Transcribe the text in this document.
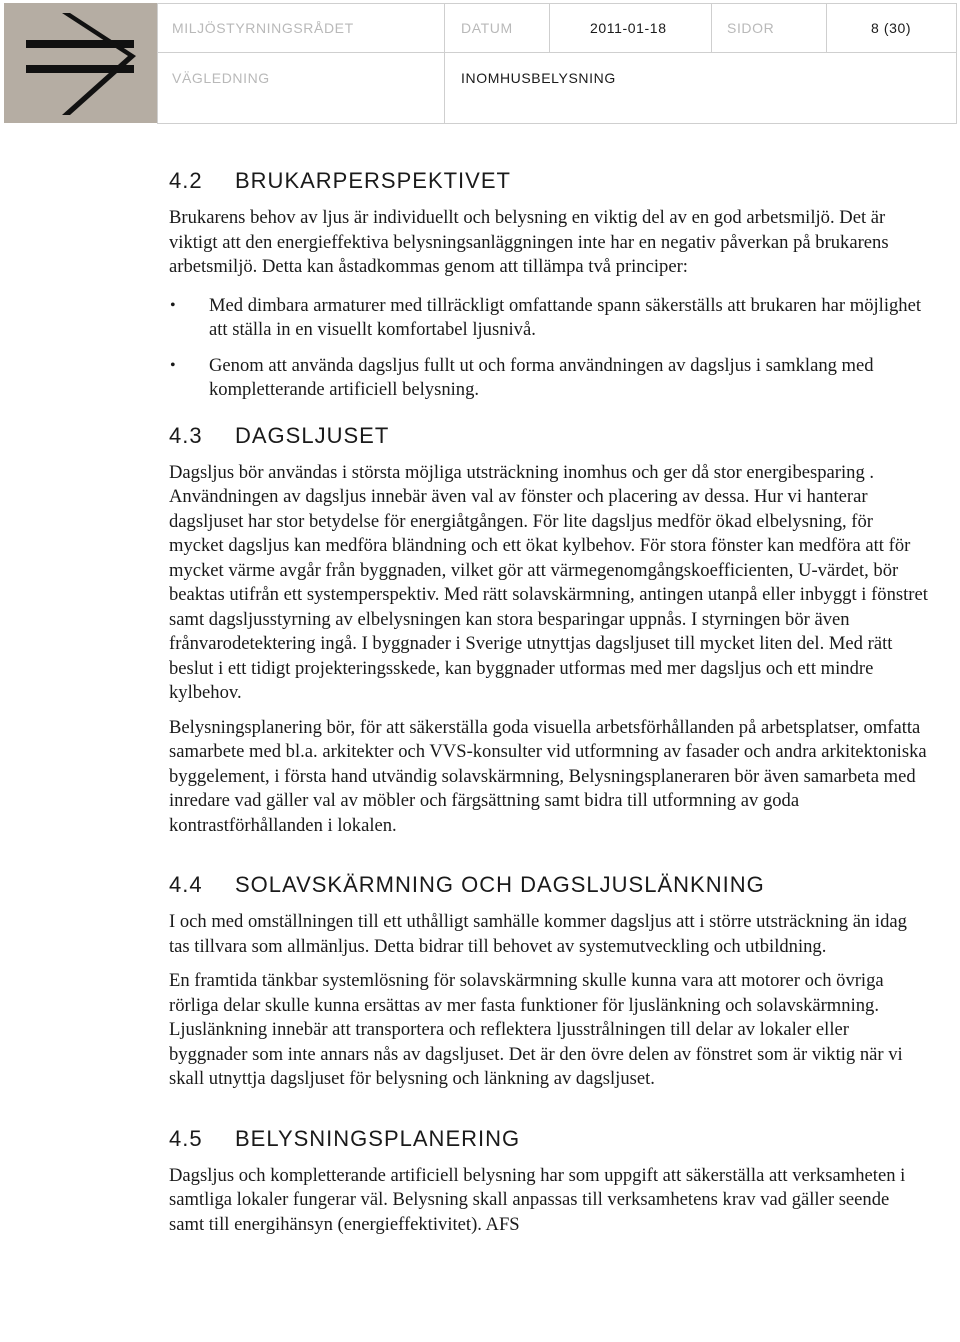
MILJÖSTYRNINGSRÅDET	DATUM	2011-01-18	SIDOR	8 (30)
VÄGLEDNING	INOMHUSBELYSNING
4.2 BRUKARPERSPEKTIVET

Brukarens behov av ljus är individuellt och belysning en viktig del av en god arbetsmiljö. Det är viktigt att den energieffektiva belysningsanläggningen inte har en negativ påverkan på brukarens arbetsmiljö. Detta kan åstadkommas genom att tillämpa två principer:

• Med dimbara armaturer med tillräckligt omfattande spann säkerställs att brukaren har möjlighet att ställa in en visuellt komfortabel ljusnivå.
• Genom att använda dagsljus fullt ut och forma användningen av dagsljus i samklang med kompletterande artificiell belysning.
4.3 DAGSLJUSET

Dagsljus bör användas i största möjliga utsträckning inomhus och ger då stor energibesparing . Användningen av dagsljus innebär även val av fönster och placering av dessa. Hur vi hanterar dagsljuset har stor betydelse för energiåtgången. För lite dagsljus medför ökad elbelysning, för mycket dagsljus kan medföra bländning och ett ökat kylbehov. För stora fönster kan medföra att för mycket värme avgår från byggnaden, vilket gör att värmegenomgångskoefficienten, U-värdet, bör beaktas utifrån ett systemperspektiv. Med rätt solavskärmning, antingen utanpå eller inbyggt i fönstret samt dagsljusstyrning av elbelysningen kan stora besparingar uppnås. I styrningen bör även frånvarodetektering ingå. I byggnader i Sverige utnyttjas dagsljuset till mycket liten del. Med rätt beslut i ett tidigt projekteringsskede, kan byggnader utformas med mer dagsljus och ett mindre kylbehov.

Belysningsplanering bör, för att säkerställa goda visuella arbetsförhållanden på arbetsplatser, omfatta samarbete med bl.a. arkitekter och VVS-konsulter vid utformning av fasader och andra arkitektoniska byggelement, i första hand utvändig solavskärmning, Belysningsplaneraren bör även samarbeta med inredare vad gäller val av möbler och färgsättning samt bidra till utformning av goda kontrastförhållanden i lokalen.

4.4 SOLAVSKÄRMNING OCH DAGSLJUSLÄNKNING

I och med omställningen till ett uthålligt samhälle kommer dagsljus att i större utsträckning än idag tas tillvara som allmänljus. Detta bidrar till behovet av systemutveckling och utbildning.

En framtida tänkbar systemlösning för solavskärmning skulle kunna vara att motorer och övriga rörliga delar skulle kunna ersättas av mer fasta funktioner för ljuslänkning och solavskärmning. Ljuslänkning innebär att transportera och reflektera ljusstrålningen till delar av lokaler eller byggnader som inte annars nås av dagsljuset. Det är den övre delen av fönstret som är viktig när vi skall utnyttja dagsljuset för belysning och länkning av dagsljuset.

4.5 BELYSNINGSPLANERING

Dagsljus och kompletterande artificiell belysning har som uppgift att säkerställa att verksamheten i samtliga lokaler fungerar väl. Belysning skall anpassas till verksamhetens krav vad gäller seende samt till energihänsyn (energieffektivitet). AFS
